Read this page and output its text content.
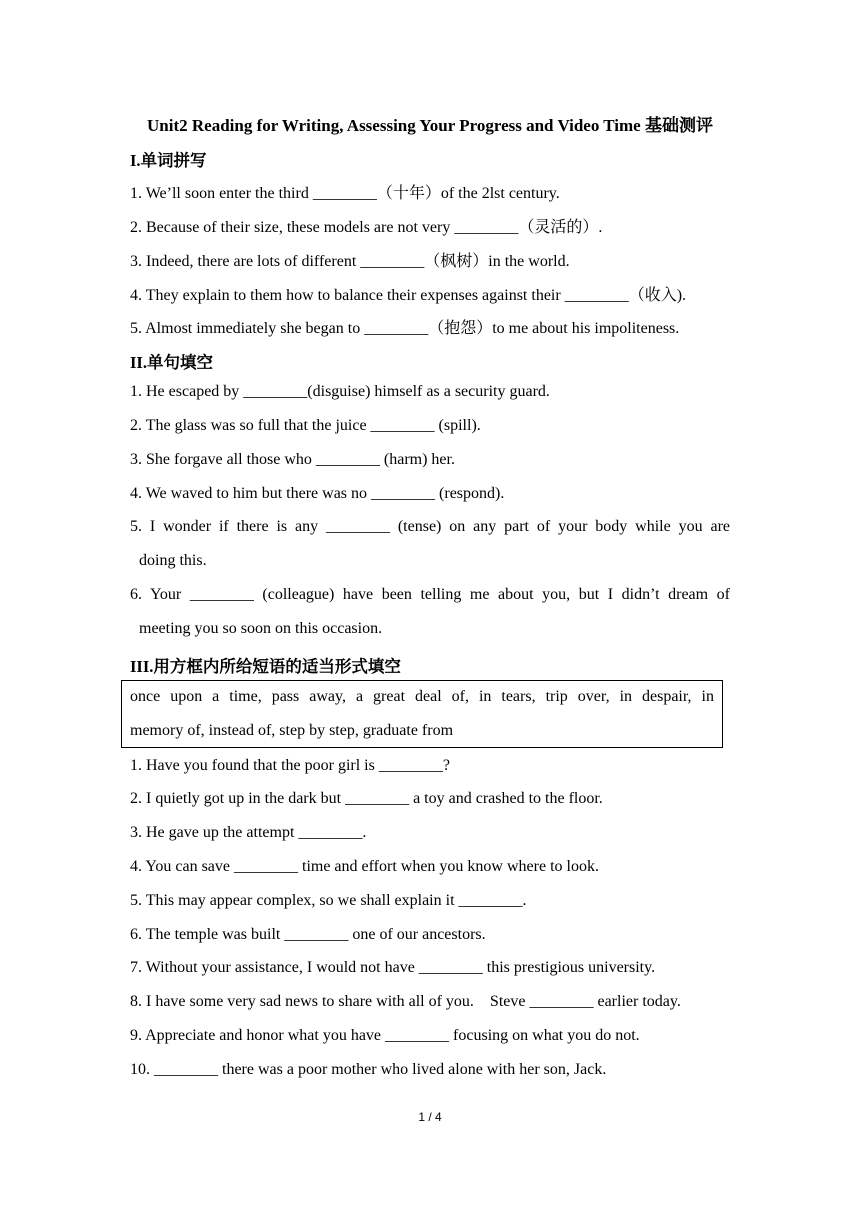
Unit2 Reading for Writing, Assessing Your Progress and Video Time 基础测评
I.单词拼写
1. We’ll soon enter the third ________（十年）of the 2lst century.
2. Because of their size, these models are not very ________（灵活的）.
3. Indeed, there are lots of different ________（枫树）in the world.
4. They explain to them how to balance their expenses against their ________（收入).
5. Almost immediately she began to ________（抱怨）to me about his impoliteness.
II.单句填空
1. He escaped by ________(disguise) himself as a security guard.
2. The glass was so full that the juice ________ (spill).
3. She forgave all those who ________ (harm) her.
4. We waved to him but there was no ________ (respond).
5. I wonder if there is any ________ (tense) on any part of your body while you are
doing this.
6. Your ________ (colleague) have been telling me about you, but I didn’t dream of
meeting you so soon on this occasion.
III.用方框内所给短语的适当形式填空
once upon a time, pass away, a great deal of, in tears, trip over, in despair, in
memory of, instead of, step by step, graduate from
1. Have you found that the poor girl is ________?
2. I quietly got up in the dark but ________ a toy and crashed to the floor.
3. He gave up the attempt ________.
4. You can save ________ time and effort when you know where to look.
5. This may appear complex, so we shall explain it ________.
6. The temple was built ________ one of our ancestors.
7. Without your assistance, I would not have ________ this prestigious university.
8. I have some very sad news to share with all of you.    Steve ________ earlier today.
9. Appreciate and honor what you have ________ focusing on what you do not.
10. ________ there was a poor mother who lived alone with her son, Jack.
1 / 4
